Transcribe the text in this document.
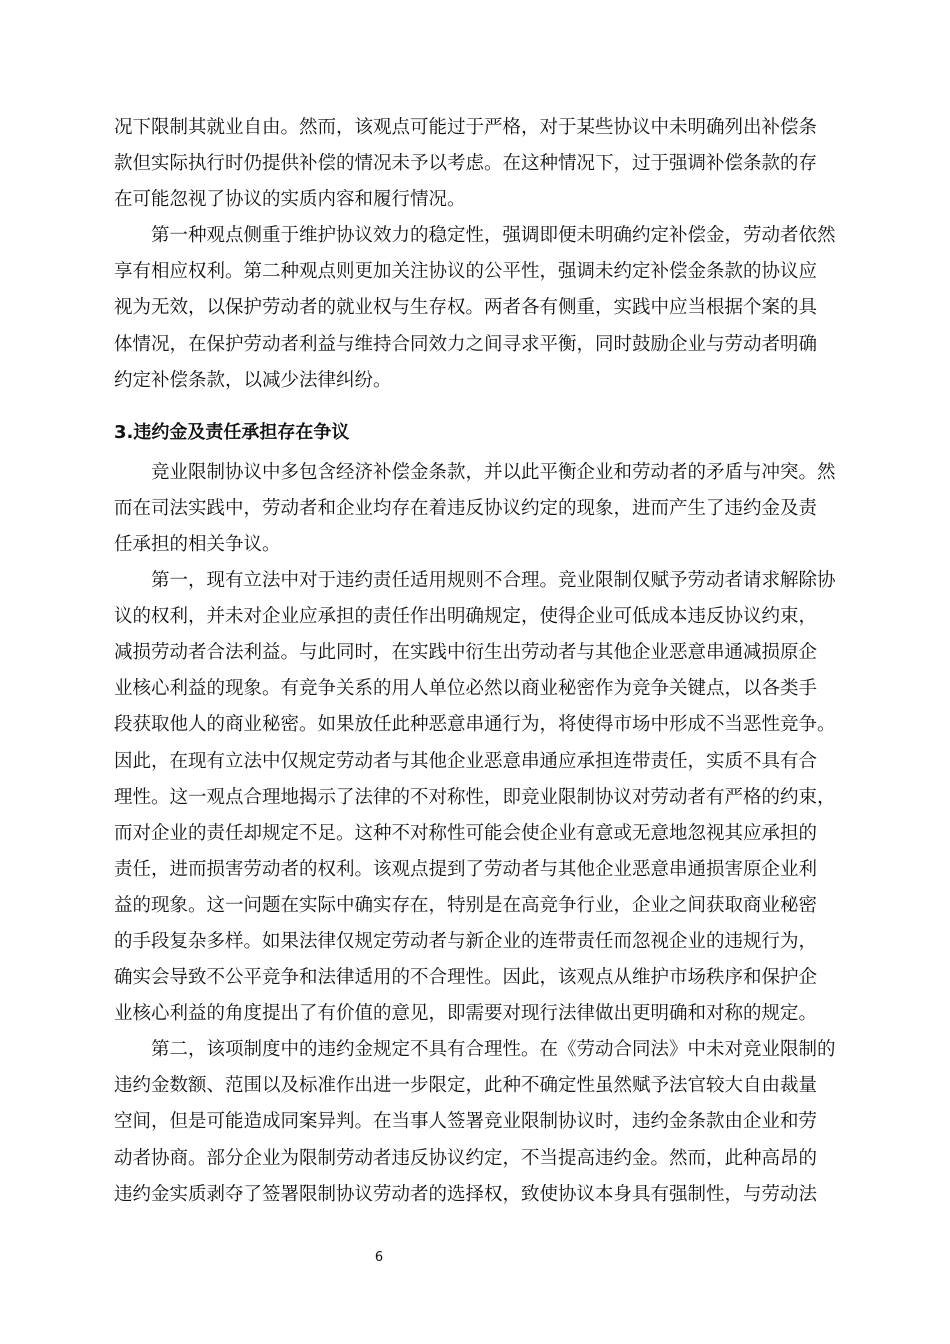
况下限制其就业自由。然而，该观点可能过于严格，对于某些协议中未明确列出补偿条
款但实际执行时仍提供补偿的情况未予以考虑。在这种情况下，过于强调补偿条款的存
在可能忽视了协议的实质内容和履行情况。
第一种观点侧重于维护协议效力的稳定性，强调即便未明确约定补偿金，劳动者依然
享有相应权利。第二种观点则更加关注协议的公平性，强调未约定补偿金条款的协议应
视为无效，以保护劳动者的就业权与生存权。两者各有侧重，实践中应当根据个案的具
体情况，在保护劳动者利益与维持合同效力之间寻求平衡，同时鼓励企业与劳动者明确
约定补偿条款，以减少法律纠纷。
3.违约金及责任承担存在争议
竞业限制协议中多包含经济补偿金条款，并以此平衡企业和劳动者的矛盾与冲突。然
而在司法实践中，劳动者和企业均存在着违反协议约定的现象，进而产生了违约金及责
任承担的相关争议。
第一，现有立法中对于违约责任适用规则不合理。竞业限制仅赋予劳动者请求解除协
议的权利，并未对企业应承担的责任作出明确规定，使得企业可低成本违反协议约束，
减损劳动者合法利益。与此同时，在实践中衍生出劳动者与其他企业恶意串通减损原企
业核心利益的现象。有竞争关系的用人单位必然以商业秘密作为竞争关键点，以各类手
段获取他人的商业秘密。如果放任此种恶意串通行为，将使得市场中形成不当恶性竞争。
因此，在现有立法中仅规定劳动者与其他企业恶意串通应承担连带责任，实质不具有合
理性。这一观点合理地揭示了法律的不对称性，即竞业限制协议对劳动者有严格的约束，
而对企业的责任却规定不足。这种不对称性可能会使企业有意或无意地忽视其应承担的
责任，进而损害劳动者的权利。该观点提到了劳动者与其他企业恶意串通损害原企业利
益的现象。这一问题在实际中确实存在，特别是在高竞争行业，企业之间获取商业秘密
的手段复杂多样。如果法律仅规定劳动者与新企业的连带责任而忽视企业的违规行为，
确实会导致不公平竞争和法律适用的不合理性。因此，该观点从维护市场秩序和保护企
业核心利益的角度提出了有价值的意见，即需要对现行法律做出更明确和对称的规定。
第二，该项制度中的违约金规定不具有合理性。在《劳动合同法》中未对竞业限制的
违约金数额、范围以及标准作出进一步限定，此种不确定性虽然赋予法官较大自由裁量
空间，但是可能造成同案异判。在当事人签署竞业限制协议时，违约金条款由企业和劳
动者协商。部分企业为限制劳动者违反协议约定，不当提高违约金。然而，此种高昂的
违约金实质剥夺了签署限制协议劳动者的选择权，致使协议本身具有强制性，与劳动法
6
